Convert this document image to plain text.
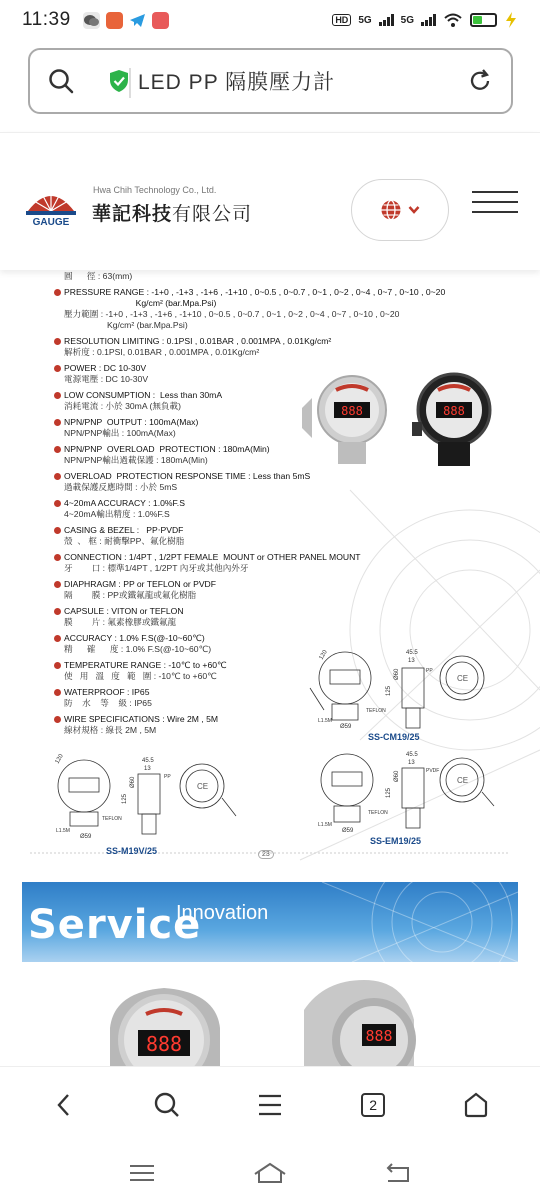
11:39	HD	5G	5G
LED PP 隔膜壓力計
GAUGE
Hwa Chih Technology Co., Ltd.
華記科技有限公司
圓      徑 : 63(mm)
PRESSURE RANGE : -1+0 , -1+3 , -1+6 , -1+10 , 0~0.5 , 0~0.7 , 0~1 , 0~2 , 0~4 , 0~7 , 0~10 , 0~20
Kg/cm² (bar.Mpa.Psi)
壓力範圍 : -1+0 , -1+3 , -1+6 , -1+10 , 0~0.5 , 0~0.7 , 0~1 , 0~2 , 0~4 , 0~7 , 0~10 , 0~20
Kg/cm² (bar.Mpa.Psi)
RESOLUTION LIMITING : 0.1PSI , 0.01BAR , 0.001MPA , 0.01Kg/cm²
解析度 : 0.1PSI, 0.01BAR , 0.001MPA , 0.01Kg/cm²
POWER : DC 10-30V
電源電壓 : DC 10-30V
LOW CONSUMPTION :  Less than 30mA
消耗電流 : 小於 30mA (無負載)
NPN/PNP  OUTPUT : 100mA(Max)
NPN/PNP輸出 : 100mA(Max)
NPN/PNP  OVERLOAD  PROTECTION : 180mA(Min)
NPN/PNP輸出過載保護 : 180mA(Min)
OVERLOAD  PROTECTION RESPONSE TIME : Less than 5mS
過載保護反應時間 : 小於 5mS
4~20mA ACCURACY : 1.0%F.S
4~20mA輸出精度 : 1.0%F.S
CASING & BEZEL :   PP‧PVDF
殼  、 框 : 耐衝擊PP、氟化樹脂
CONNECTION : 1/4PT , 1/2PT FEMALE  MOUNT or OTHER PANEL MOUNT
牙        口 : 標準1/4PT , 1/2PT 內牙或其他內外牙
DIAPHRAGM : PP or TEFLON or PVDF
隔        膜 : PP或鐵氟龍或氟化樹脂
CAPSULE : VITON or TEFLON
膜        片 : 氟素橡膠或鐵氟龍
ACCURACY : 1.0% F.S(@-10~60℃)
精      確      度 : 1.0% F.S(@-10~60℃)
TEMPERATURE RANGE : -10℃ to +60℃
使   用   溫   度   範   圍 : -10℃ to +60℃
WATERPROOF : IP65
防    水    等    級 : IP65
WIRE SPECIFICATIONS : Wire 2M , 5M
線材規格 : 線長 2M , 5M
888	888
120	45.5
13
125
Ø60
Ø59
L1.5M
TEFLON
PP
CE
SS-CM19/25
120	45.5
13
125
Ø60
Ø59
L1.5M
TEFLON
PP
CE
SS-M19V/25
45.5
13
125
Ø60
Ø59
L1.5M
TEFLON
PVDF
CE
SS-EM19/25
23
Service
Innovation
888	888
2
